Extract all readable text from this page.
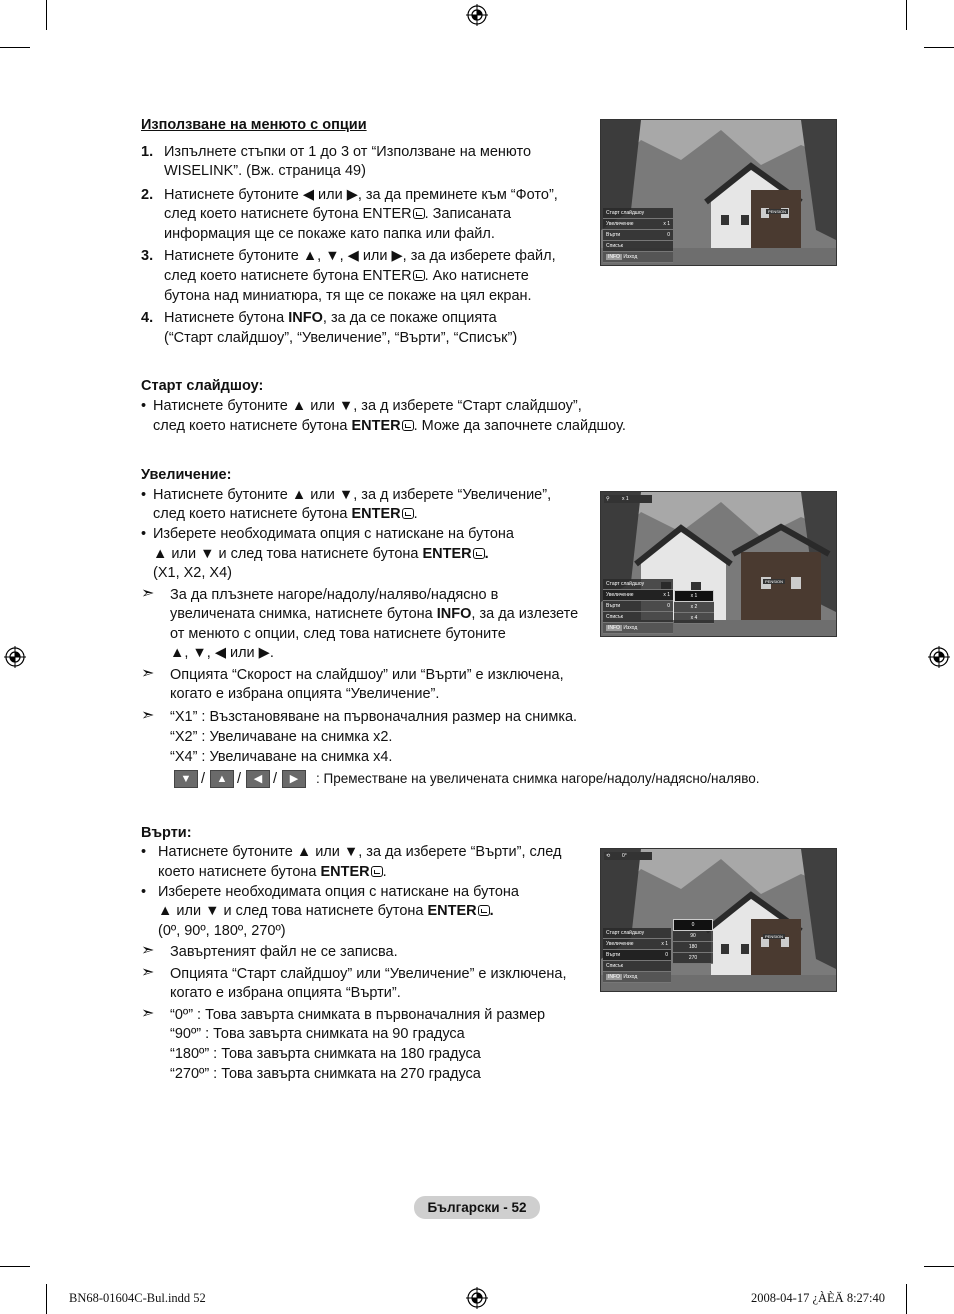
Използване на менюто с опции
1. Изпълнете стъпки от 1 до 3 от “Използване на менюто
WISELINK”. (Вж. страница 49)
2. Натиснете бутоните ◀ или ▶, за да преминете към “Фото”,
след което натиснете бутона ENTER . Записаната
информация ще се покаже като папка или файл.
3. Натиснете бутоните ▲, ▼, ◀ или ▶, за да изберете файл,
след което натиснете бутона ENTER . Ако натиснете
бутона над миниатюра, тя ще се покаже на цял екран.
4. Натиснете бутона INFO, за да се покаже опцията
(“Старт слайдшоу”, “Увеличение”, “Върти”, “Списък”)
PENSION
Старт слайдшоу
Увеличение	x 1
Върти	0
Списък
INFO Изход
Старт слайдшоу:
• Натиснете бутоните ▲ или ▼, за д изберете “Старт слайдшоу”,
след което натиснете бутона ENTER . Може да започнете слайдшоу.
Увеличение:
• Натиснете бутоните ▲ или ▼, за д изберете “Увеличение”,
след което натиснете бутона ENTER .
• Изберете необходимата опция с натискане на бутона
▲ или ▼ и след това натиснете бутона ENTER .
(X1, X2, X4)
➣ За да плъзнете нагоре/надолу/наляво/надясно в
увеличената снимка, натиснете бутона INFO, за да излезете
от менюто с опции, след това натиснете бутоните
▲, ▼, ◀ или ▶.
➣ Опцията “Скорост на слайдшоу” или “Върти” е изключена,
когато е избрана опцията “Увеличение”.
➣ “X1” : Възстановяване на първоначалния размер на снимка.
“X2” : Увеличаване на снимка x2.
“X4” : Увеличаване на снимка x4.
▼ /	▲ /	◀ /	▶	: Преместване на увеличената снимка нагоре/надолу/надясно/наляво.
⚲ x 1
PENSION
Старт слайдшоу
Увеличение	x 1
Върти	0
Списък
INFO Изход
x 1
x 2
x 4
Върти:
• Натиснете бутоните ▲ или ▼, за да изберете “Върти”, след
което натиснете бутона ENTER .
• Изберете необходимата опция с натискане на бутона
▲ или ▼ и след това натиснете бутона ENTER .
(0º, 90º, 180º, 270º)
➣ Завъртеният файл не се записва.
➣ Опцията “Старт слайдшоу” или “Увеличение” е изключена,
когато е избрана опцията “Върти”.
➣ “0º” : Това завърта снимката в първоначалния й размер
“90º” : Това завърта снимката на 90 градуса
“180º” : Това завърта снимката на 180 градуса
“270º” : Това завърта снимката на 270 градуса
⟲ 0°
PENSION
Старт слайдшоу
Увеличение	x 1
Върти	0
Списък
INFO Изход
0
90
180
270
Български - 52
BN68-01604C-Bul.indd 52	2008-04-17 ¿ÀÈÄ 8:27:40
